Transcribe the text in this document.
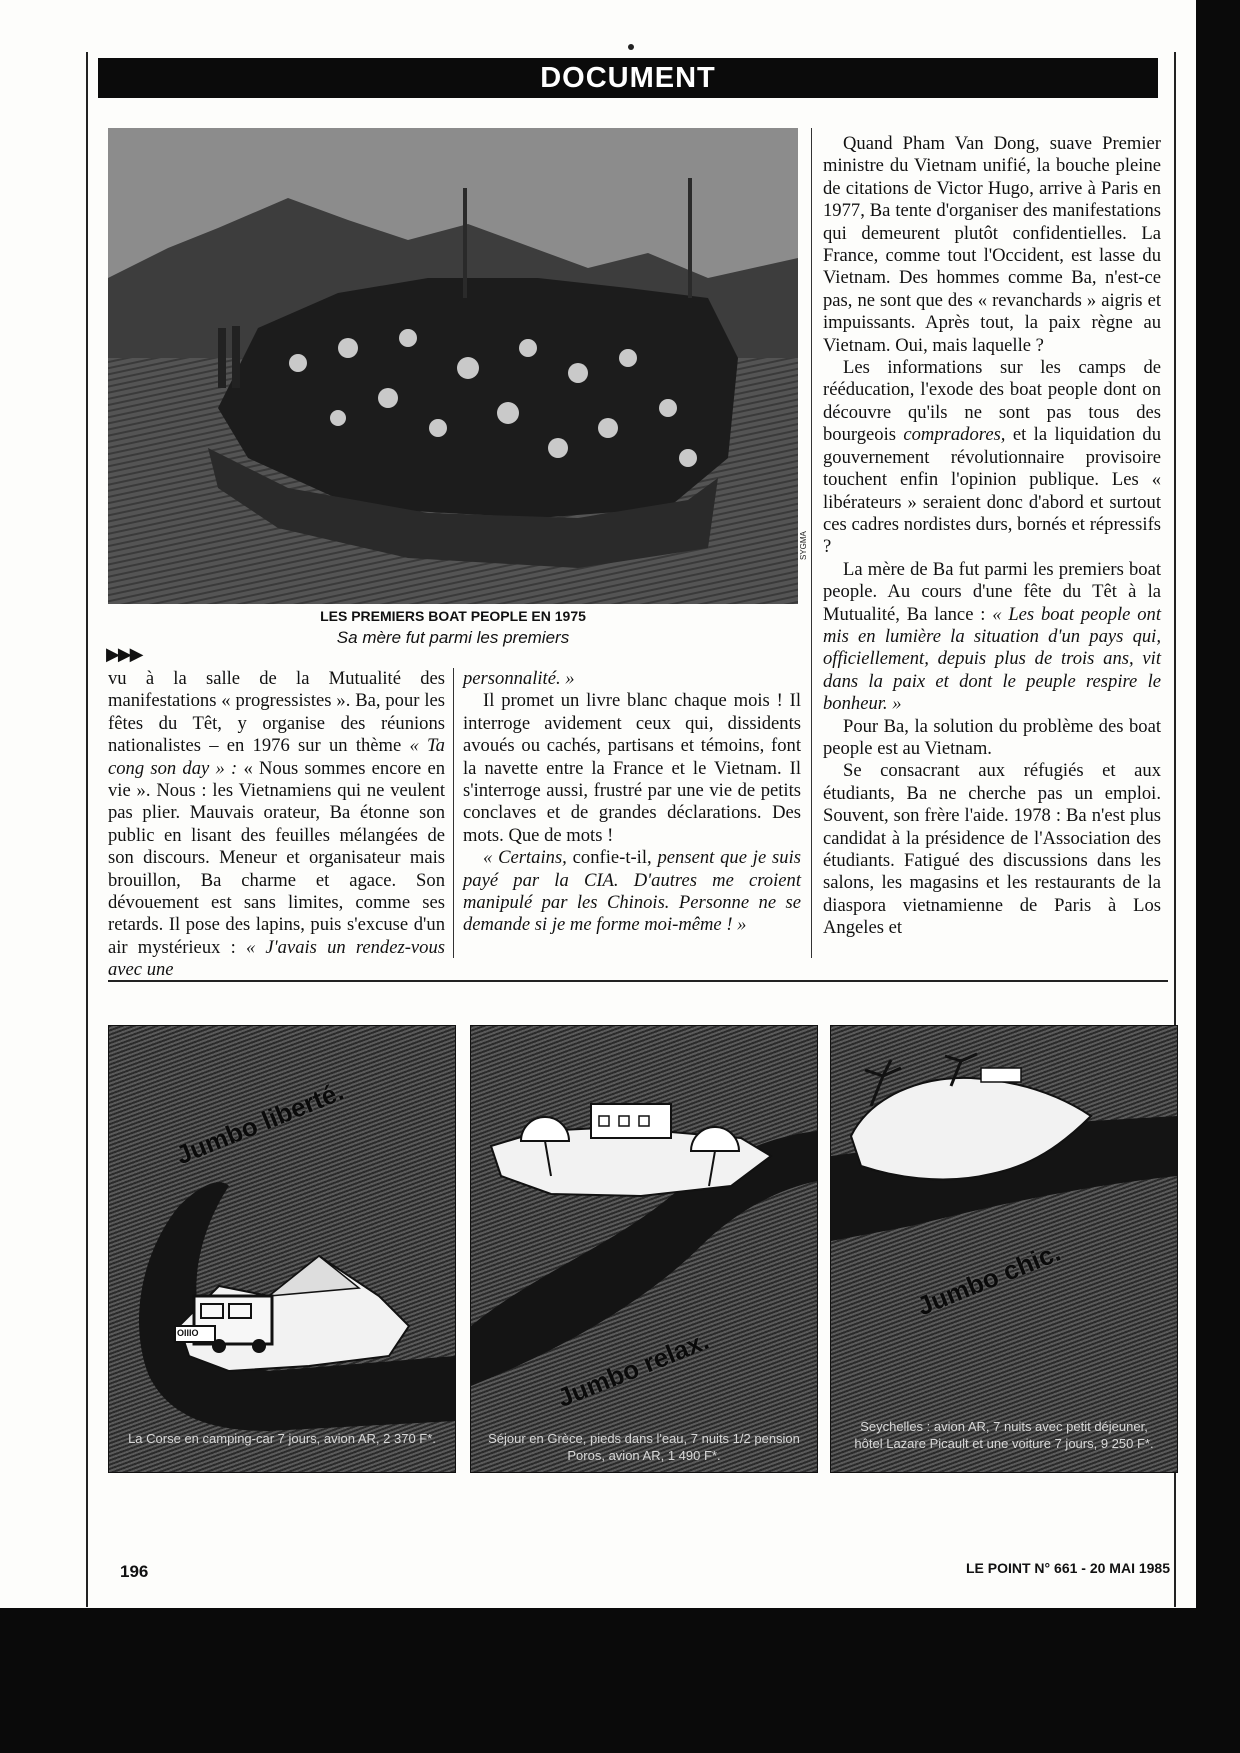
DOCUMENT
SYGMA
LES PREMIERS BOAT PEOPLE EN 1975
Sa mère fut parmi les premiers
▶▶▶

vu à la salle de la Mutualité des manifestations « progressistes ». Ba, pour les fêtes du Têt, y organise des réunions nationalistes – en 1976 sur un thème « Ta cong son day » : « Nous sommes encore en vie ». Nous : les Vietnamiens qui ne veulent pas plier. Mauvais orateur, Ba étonne son public en lisant des feuilles mélangées de son discours. Meneur et organisateur mais brouillon, Ba charme et agace. Son dévouement est sans limites, comme ses retards. Il pose des lapins, puis s'excuse d'un air mystérieux : « J'avais un rendez-vous avec une

personnalité. »

Il promet un livre blanc chaque mois ! Il interroge avidement ceux qui, dissidents avoués ou cachés, partisans et témoins, font la navette entre la France et le Vietnam. Il s'interroge aussi, frustré par une vie de petits conclaves et de grandes déclarations. Des mots. Que de mots !

« Certains, confie-t-il, pensent que je suis payé par la CIA. D'autres me croient manipulé par les Chinois. Personne ne se demande si je me forme moi-même ! »

Quand Pham Van Dong, suave Premier ministre du Vietnam unifié, la bouche pleine de citations de Victor Hugo, arrive à Paris en 1977, Ba tente d'organiser des manifestations qui demeurent plutôt confidentielles. La France, comme tout l'Occident, est lasse du Vietnam. Des hommes comme Ba, n'est-ce pas, ne sont que des « revanchards » aigris et impuissants. Après tout, la paix règne au Vietnam. Oui, mais laquelle ?

Les informations sur les camps de rééducation, l'exode des boat people dont on découvre qu'ils ne sont pas tous des bourgeois compradores, et la liquidation du gouvernement révolutionnaire provisoire touchent enfin l'opinion publique. Les « libérateurs » seraient donc d'abord et surtout ces cadres nordistes durs, bornés et répressifs ?

La mère de Ba fut parmi les premiers boat people. Au cours d'une fête du Têt à la Mutualité, Ba lance : « Les boat people ont mis en lumière la situation d'un pays qui, officiellement, depuis plus de trois ans, vit dans la paix et dont le peuple respire le bonheur. »

Pour Ba, la solution du problème des boat people est au Vietnam.

Se consacrant aux réfugiés et aux étudiants, Ba ne cherche pas un emploi. Souvent, son frère l'aide. 1978 : Ba n'est plus candidat à la présidence de l'Association des étudiants. Fatigué des discussions dans les salons, les magasins et les restaurants de la diaspora vietnamienne de Paris à Los Angeles et

Jumbo liberté.
OIIIO
La Corse en camping-car 7 jours, avion AR, 2 370 F*.
Jumbo relax.
Séjour en Grèce, pieds dans l'eau, 7 nuits 1/2 pension Poros, avion AR, 1 490 F*.
Jumbo chic.
Seychelles : avion AR, 7 nuits avec petit déjeuner, hôtel Lazare Picault et une voiture 7 jours, 9 250 F*.
196	LE POINT N° 661 - 20 MAI 1985
